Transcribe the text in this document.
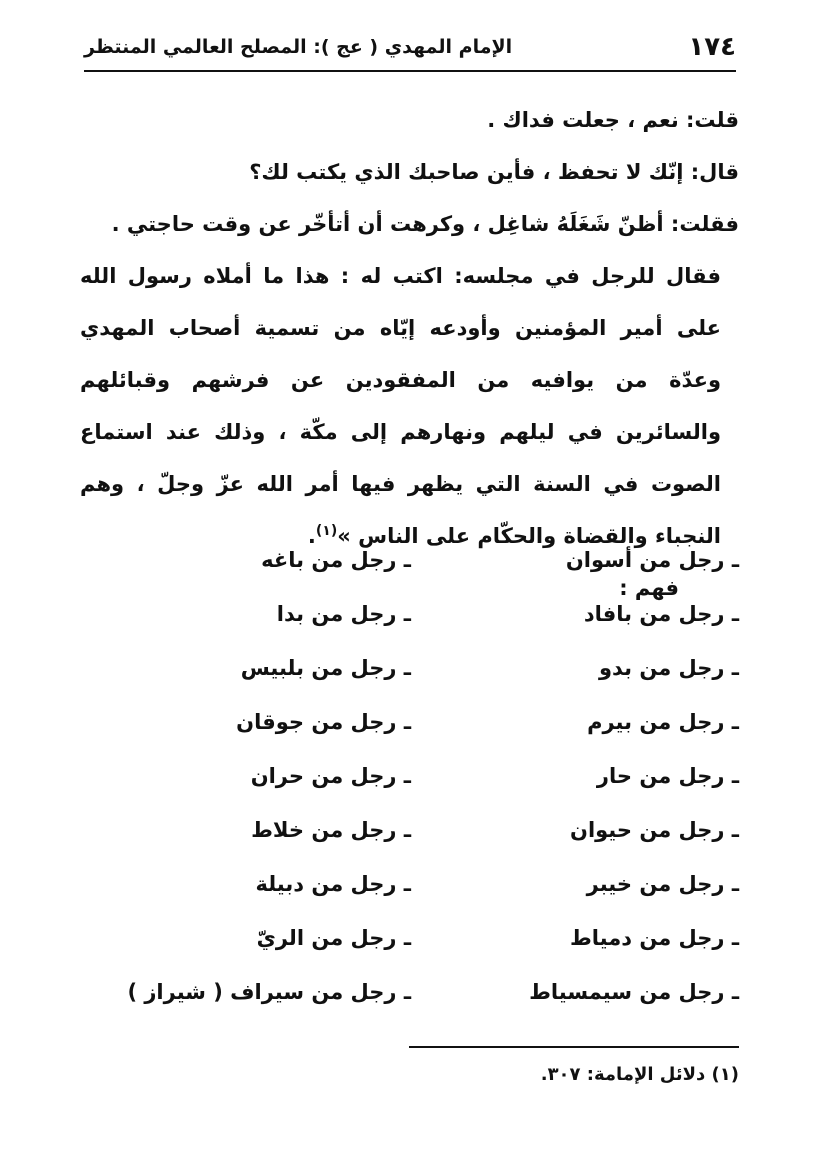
١٧٤
الإمام المهدي ( عج ): المصلح العالمي المنتظر

قلت: نعم ، جعلت فداك .

قال: إنّك لا تحفظ ، فأين صاحبك الذي يكتب لك؟

فقلت: أظنّ شَغَلَهُ شاغِل ، وكرهت أن أتأخّر عن وقت حاجتي .

فقال للرجل في مجلسه: اكتب له : هذا ما أملاه رسول الله على أمير المؤمنين وأودعه إيّاه من تسمية أصحاب المهدي وعدّة من يوافيه من المفقودين عن فرشهم وقبائلهم والسائرين في ليلهم ونهارهم إلى مكّة ، وذلك عند استماع الصوت في السنة التي يظهر فيها أمر الله عزّ وجلّ ، وهم النجباء والقضاة والحكّام على الناس »$^{(١)}$.

فهم :

ـ رجل من أسوان
ـ رجل من باغه
ـ رجل من بافاد
ـ رجل من بدا
ـ رجل من بدو
ـ رجل من بلبيس
ـ رجل من بيرم
ـ رجل من جوقان
ـ رجل من حار
ـ رجل من حران
ـ رجل من حيوان
ـ رجل من خلاط
ـ رجل من خيبر
ـ رجل من دبيلة
ـ رجل من دمياط
ـ رجل من الريّ
ـ رجل من سيمسياط
ـ رجل من سيراف ( شيراز )
(١) دلائل الإمامة: ٣٠٧.
